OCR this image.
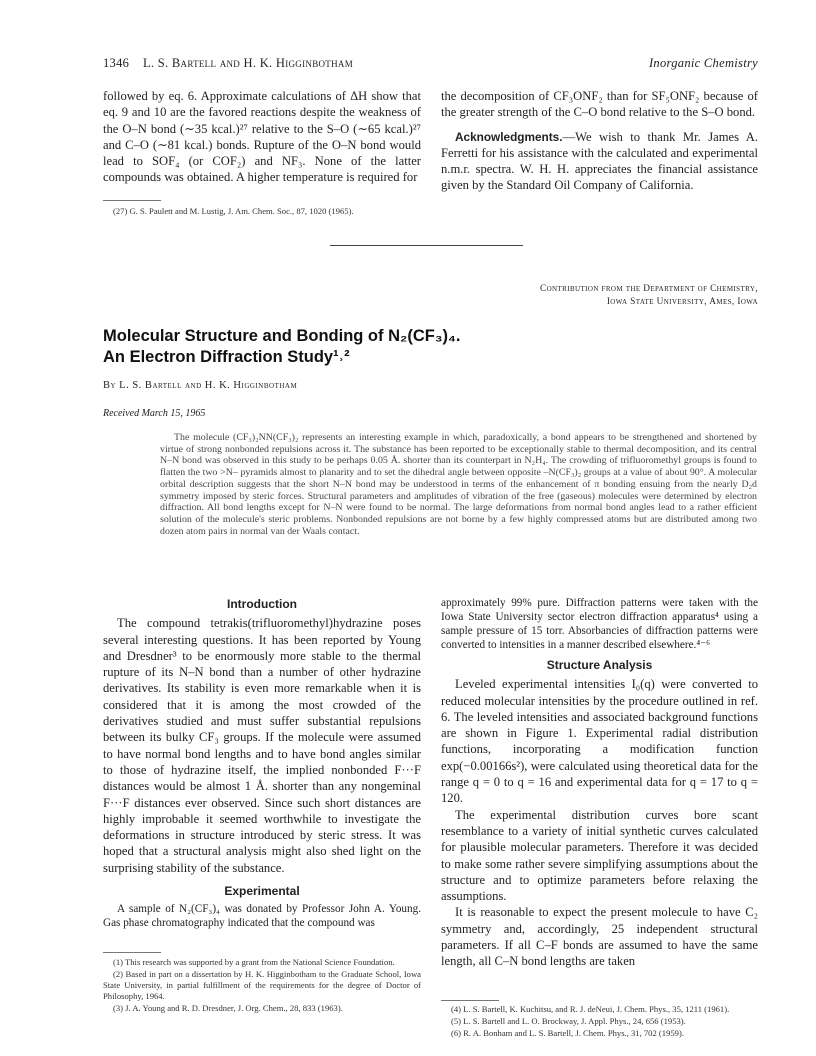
1346 L. S. Bartell and H. K. Higginbotham	Inorganic Chemistry

followed by eq. 6. Approximate calculations of ΔH show that eq. 9 and 10 are the favored reactions despite the weakness of the O–N bond (∼35 kcal.)²⁷ relative to the S–O (∼65 kcal.)²⁷ and C–O (∼81 kcal.) bonds. Rupture of the O–N bond would lead to SOF₄ (or COF₂) and NF₃. None of the latter compounds was obtained. A higher temperature is required for

(27) G. S. Paulett and M. Lustig, J. Am. Chem. Soc., 87, 1020 (1965).

the decomposition of CF₃ONF₂ than for SF₅ONF₂ because of the greater strength of the C–O bond relative to the S–O bond.

Acknowledgments.—We wish to thank Mr. James A. Ferretti for his assistance with the calculated and experimental n.m.r. spectra. W. H. H. appreciates the financial assistance given by the Standard Oil Company of California.

Contribution from the Department of Chemistry,
Iowa State University, Ames, Iowa
Molecular Structure and Bonding of N₂(CF₃)₄.
An Electron Diffraction Study¹˒²
By L. S. Bartell and H. K. Higginbotham
Received March 15, 1965
The molecule (CF₃)₂NN(CF₃)₂ represents an interesting example in which, paradoxically, a bond appears to be strengthened and shortened by virtue of strong nonbonded repulsions across it. The substance has been reported to be exceptionally stable to thermal decomposition, and its central N–N bond was observed in this study to be perhaps 0.05 Å. shorter than its counterpart in N₂H₄. The crowding of trifluoromethyl groups is found to flatten the two >N– pyramids almost to planarity and to set the dihedral angle between opposite –N(CF₃)₂ groups at a value of about 90°. A molecular orbital description suggests that the short N–N bond may be understood in terms of the enhancement of π bonding ensuing from the nearly D₂d symmetry imposed by steric forces. Structural parameters and amplitudes of vibration of the free (gaseous) molecules were determined by electron diffraction. All bond lengths except for N–N were found to be normal. The large deformations from normal bond angles lead to a rather efficient solution of the molecule's steric problems. Nonbonded repulsions are not borne by a few highly compressed atoms but are distributed among two dozen atom pairs in normal van der Waals contact.
Introduction

The compound tetrakis(trifluoromethyl)hydrazine poses several interesting questions. It has been reported by Young and Dresdner³ to be enormously more stable to the thermal rupture of its N–N bond than a number of other hydrazine derivatives. Its stability is even more remarkable when it is considered that it is among the most crowded of the derivatives studied and must suffer substantial repulsions between its bulky CF₃ groups. If the molecule were assumed to have normal bond lengths and to have bond angles similar to those of hydrazine itself, the implied nonbonded F···F distances would be almost 1 Å. shorter than any nongeminal F···F distances ever observed. Since such short distances are highly improbable it seemed worthwhile to investigate the deformations in structure introduced by steric stress. It was hoped that a structural analysis might also shed light on the surprising stability of the substance.

Experimental

A sample of N₂(CF₃)₄ was donated by Professor John A. Young. Gas phase chromatography indicated that the compound was

(1) This research was supported by a grant from the National Science Foundation.

(2) Based in part on a dissertation by H. K. Higginbotham to the Graduate School, Iowa State University, in partial fulfillment of the requirements for the degree of Doctor of Philosophy, 1964.

(3) J. A. Young and R. D. Dresdner, J. Org. Chem., 28, 833 (1963).

approximately 99% pure. Diffraction patterns were taken with the Iowa State University sector electron diffraction apparatus⁴ using a sample pressure of 15 torr. Absorbancies of diffraction patterns were converted to intensities in a manner described elsewhere.⁴⁻⁶

Structure Analysis

Leveled experimental intensities I₀(q) were converted to reduced molecular intensities by the procedure outlined in ref. 6. The leveled intensities and associated background functions are shown in Figure 1. Experimental radial distribution functions, incorporating a modification function exp(−0.00166s²), were calculated using theoretical data for the range q = 0 to q = 16 and experimental data for q = 17 to q = 120.

The experimental distribution curves bore scant resemblance to a variety of initial synthetic curves calculated for plausible molecular parameters. Therefore it was decided to make some rather severe simplifying assumptions about the structure and to optimize parameters before relaxing the assumptions.

It is reasonable to expect the present molecule to have C₂ symmetry and, accordingly, 25 independent structural parameters. If all C–F bonds are assumed to have the same length, all C–N bond lengths are taken

(4) L. S. Bartell, K. Kuchitsu, and R. J. deNeui, J. Chem. Phys., 35, 1211 (1961).

(5) L. S. Bartell and L. O. Brockway, J. Appl. Phys., 24, 656 (1953).

(6) R. A. Bonham and L. S. Bartell, J. Chem. Phys., 31, 702 (1959).
